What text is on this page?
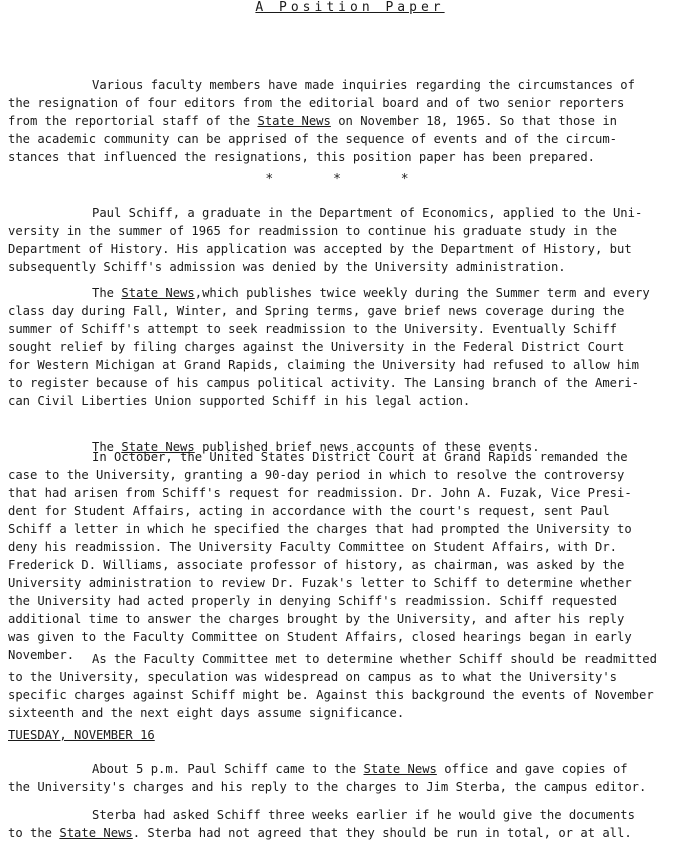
A Position Paper
Various faculty members have made inquiries regarding the circumstances of
the resignation of four editors from the editorial board and of two senior reporters
from the reportorial staff of the State News on November 18, 1965. So that those in
the academic community can be apprised of the sequence of events and of the circum-
stances that influenced the resignations, this position paper has been prepared.
* * *
Paul Schiff, a graduate in the Department of Economics, applied to the Uni-
versity in the summer of 1965 for readmission to continue his graduate study in the
Department of History. His application was accepted by the Department of History, but
subsequently Schiff's admission was denied by the University administration.
The State News,which publishes twice weekly during the Summer term and every
class day during Fall, Winter, and Spring terms, gave brief news coverage during the
summer of Schiff's attempt to seek readmission to the University. Eventually Schiff
sought relief by filing charges against the University in the Federal District Court
for Western Michigan at Grand Rapids, claiming the University had refused to allow him
to register because of his campus political activity. The Lansing branch of the Ameri-
can Civil Liberties Union supported Schiff in his legal action.
The State News published brief news accounts of these events.
In October, the United States District Court at Grand Rapids remanded the
case to the University, granting a 90-day period in which to resolve the controversy
that had arisen from Schiff's request for readmission. Dr. John A. Fuzak, Vice Presi-
dent for Student Affairs, acting in accordance with the court's request, sent Paul
Schiff a letter in which he specified the charges that had prompted the University to
deny his readmission. The University Faculty Committee on Student Affairs, with Dr.
Frederick D. Williams, associate professor of history, as chairman, was asked by the
University administration to review Dr. Fuzak's letter to Schiff to determine whether
the University had acted properly in denying Schiff's readmission. Schiff requested
additional time to answer the charges brought by the University, and after his reply
was given to the Faculty Committee on Student Affairs, closed hearings began in early
November.	As the Faculty Committee met to determine whether Schiff should be readmitted
to the University, speculation was widespread on campus as to what the University's
specific charges against Schiff might be. Against this background the events of November
sixteenth and the next eight days assume significance.
TUESDAY, NOVEMBER 16
About 5 p.m. Paul Schiff came to the State News office and gave copies of
the University's charges and his reply to the charges to Jim Sterba, the campus editor.
Sterba had asked Schiff three weeks earlier if he would give the documents
to the State News. Sterba had not agreed that they should be run in total, or at all.
